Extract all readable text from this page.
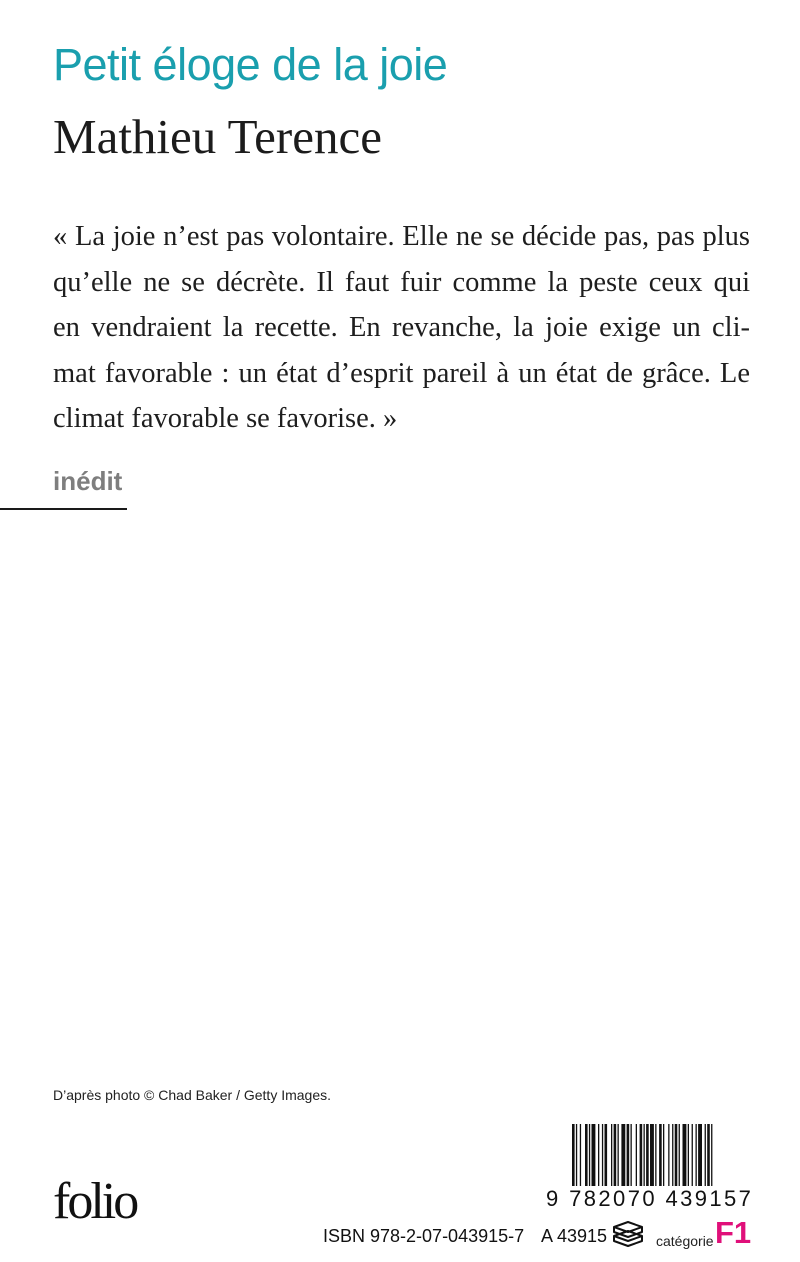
Petit éloge de la joie
Mathieu Terence

« La joie n’est pas volontaire. Elle ne se décide pas, pas plus
qu’elle ne se décrète. Il faut fuir comme la peste ceux qui
en vendraient la recette. En revanche, la joie exige un cli-
mat favorable : un état d’esprit pareil à un état de grâce. Le
climat favorable se favorise. »

inédit
D’après photo © Chad Baker / Getty Images.
folio	9 782070 439157
ISBN 978-2-07-043915-7 A 43915	catégorie F1
